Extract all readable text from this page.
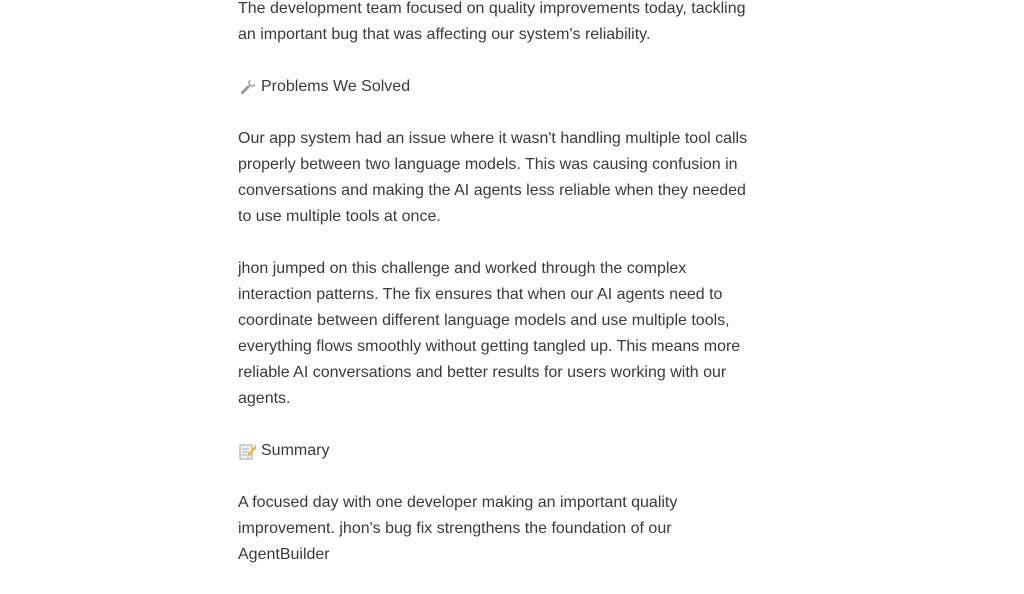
The development team focused on quality improvements today, tackling an important bug that was affecting our system's reliability.

Problems We Solved

Our app system had an issue where it wasn't handling multiple tool calls properly between two language models. This was causing confusion in conversations and making the AI agents less reliable when they needed to use multiple tools at once.

jhon jumped on this challenge and worked through the complex interaction patterns. The fix ensures that when our AI agents need to coordinate between different language models and use multiple tools, everything flows smoothly without getting tangled up. This means more reliable AI conversations and better results for users working with our agents.

Summary

A focused day with one developer making an important quality improvement. jhon's bug fix strengthens the foundation of our AgentBuilder
